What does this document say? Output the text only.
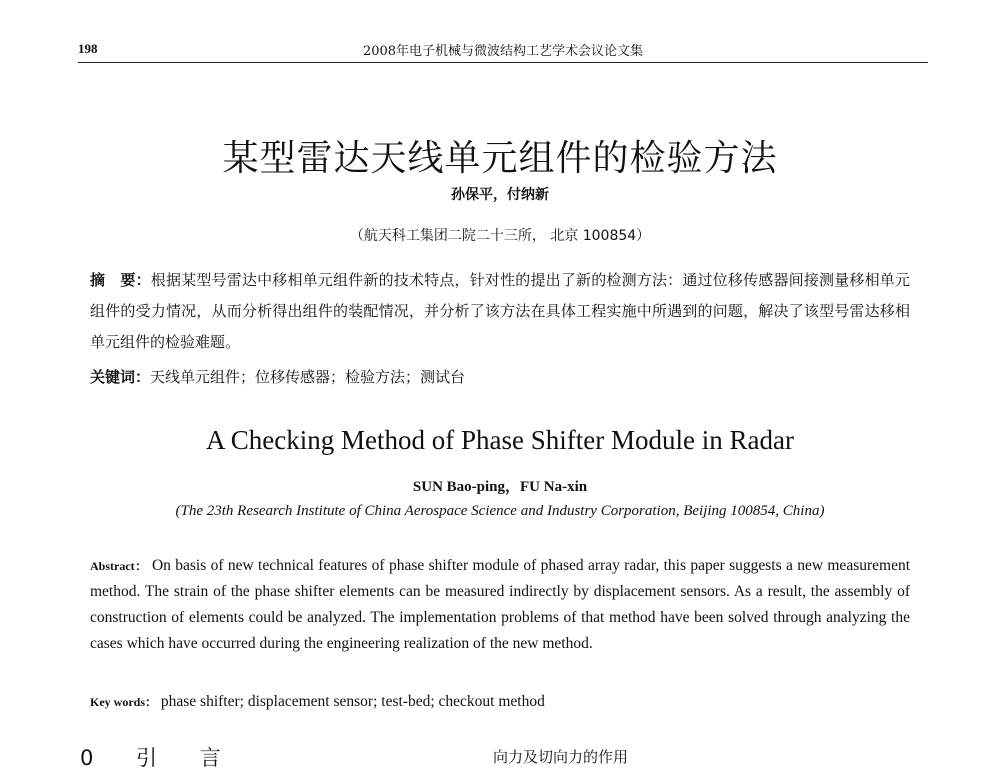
198	2008年电子机械与微波结构工艺学术会议论文集
某型雷达天线单元组件的检验方法
孙保平，付纳新
（航天科工集团二院二十三所， 北京 100854）
摘　要：根据某型号雷达中移相单元组件新的技术特点，针对性的提出了新的检测方法：通过位移传感器间接测量移相单元组件的受力情况，从而分析得出组件的装配情况，并分析了该方法在具体工程实施中所遇到的问题，解决了该型号雷达移相单元组件的检验难题。
关键词：天线单元组件；位移传感器；检验方法；测试台
A Checking Method of Phase Shifter Module in Radar
SUN Bao-ping，FU Na-xin
(The 23th Research Institute of China Aerospace Science and Industry Corporation, Beijing 100854, China)
Abstract： On basis of new technical features of phase shifter module of phased array radar, this paper suggests a new measurement method. The strain of the phase shifter elements can be measured indirectly by displacement sensors. As a result, the assembly of construction of elements could be analyzed. The implementation problems of that method have been solved through analyzing the cases which have occurred during the engineering realization of the new method.
Key words： phase shifter; displacement sensor; test-bed; checkout method
0 引 言	向力及切向力的作用
